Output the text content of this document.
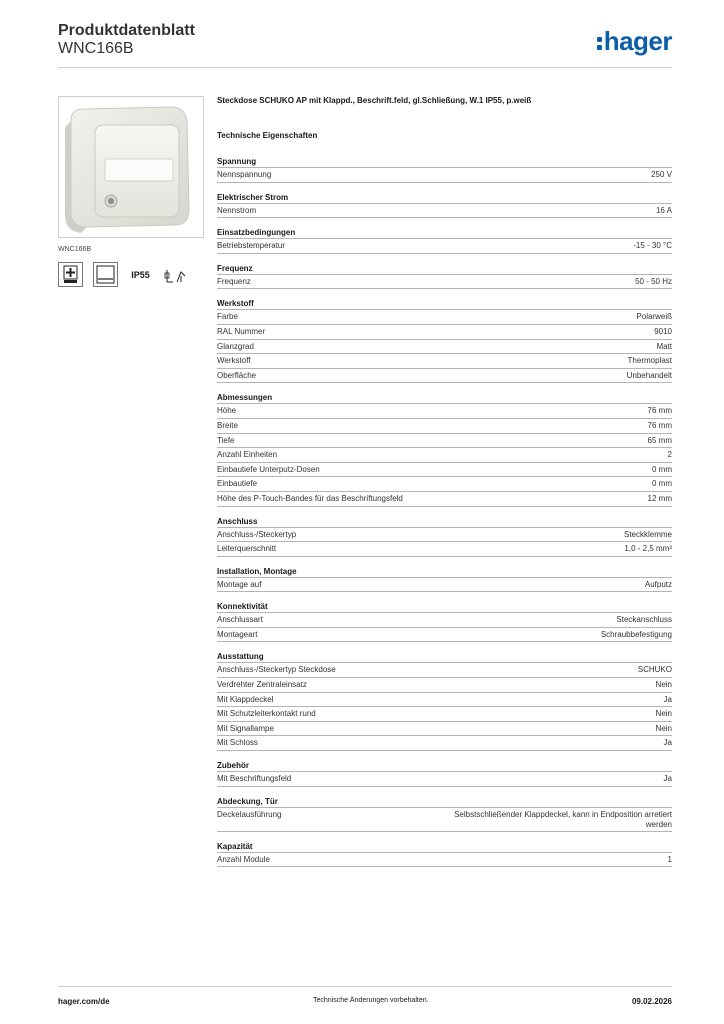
Produktdatenblatt
WNC166B	hager
WNC166B
IP55
Steckdose SCHUKO AP mit Klappd., Beschrift.feld, gl.Schließung, W.1 IP55, p.weiß
Technische Eigenschaften
Spannung
Nennspannung	250 V
Elektrischer Strom
Nennstrom	16 A
Einsatzbedingungen
Betriebstemperatur	-15 - 30 °C
Frequenz
Frequenz	50 - 50 Hz
Werkstoff
Farbe	Polarweiß
RAL Nummer	9010
Glanzgrad	Matt
Werkstoff	Thermoplast
Oberfläche	Unbehandelt
Abmessungen
Höhe	76 mm
Breite	76 mm
Tiefe	65 mm
Anzahl Einheiten	2
Einbautiefe Unterputz-Dosen	0 mm
Einbautiefe	0 mm
Höhe des P-Touch-Bandes für das Beschriftungsfeld	12 mm
Anschluss
Anschluss-/Steckertyp	Steckklemme
Leiterquerschnitt	1,0 - 2,5 mm²
Installation, Montage
Montage auf	Aufputz
Konnektivität
Anschlussart	Steckanschluss
Montageart	Schraubbefestigung
Ausstattung
Anschluss-/Steckertyp Steckdose	SCHUKO
Verdrehter Zentraleinsatz	Nein
Mit Klappdeckel	Ja
Mit Schutzleiterkontakt rund	Nein
Mit Signallampe	Nein
Mit Schloss	Ja
Zubehör
Mit Beschriftungsfeld	Ja
Abdeckung, Tür
Deckelausführung	Selbstschließender Klappdeckel, kann in Endposition arretiert werden
Kapazität
Anzahl Module	1
hager.com/de	Technische Änderungen vorbehalten.	09.02.2026
